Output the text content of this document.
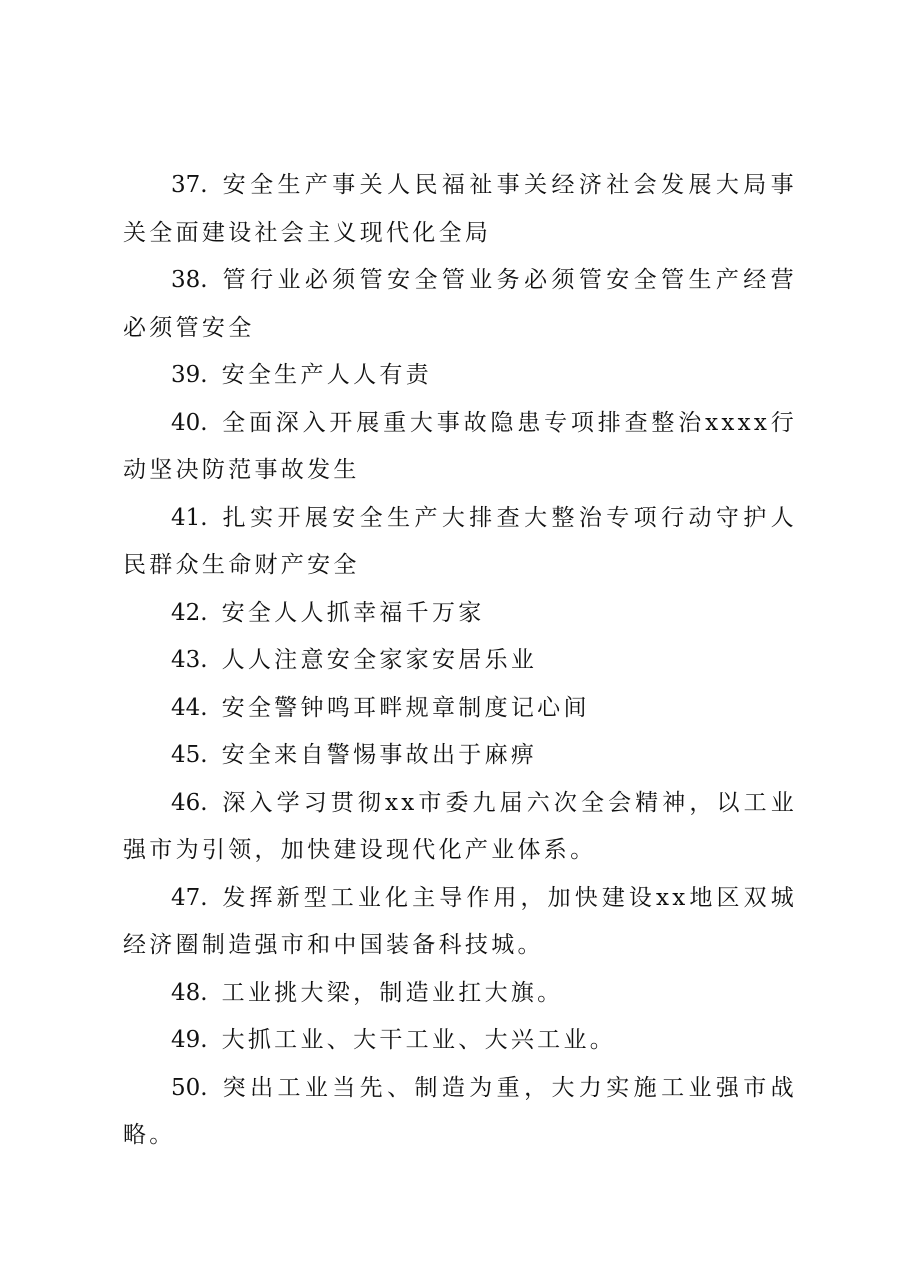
37. 安全生产事关人民福祉事关经济社会发展大局事关全面建设社会主义现代化全局

38. 管行业必须管安全管业务必须管安全管生产经营必须管安全

39. 安全生产人人有责

40. 全面深入开展重大事故隐患专项排查整治xxxx行动坚决防范事故发生

41. 扎实开展安全生产大排查大整治专项行动守护人民群众生命财产安全

42. 安全人人抓幸福千万家

43. 人人注意安全家家安居乐业

44. 安全警钟鸣耳畔规章制度记心间

45. 安全来自警惕事故出于麻痹

46. 深入学习贯彻xx市委九届六次全会精神，以工业强市为引领，加快建设现代化产业体系。

47. 发挥新型工业化主导作用，加快建设xx地区双城经济圈制造强市和中国装备科技城。

48. 工业挑大梁，制造业扛大旗。

49. 大抓工业、大干工业、大兴工业。

50. 突出工业当先、制造为重，大力实施工业强市战略。
